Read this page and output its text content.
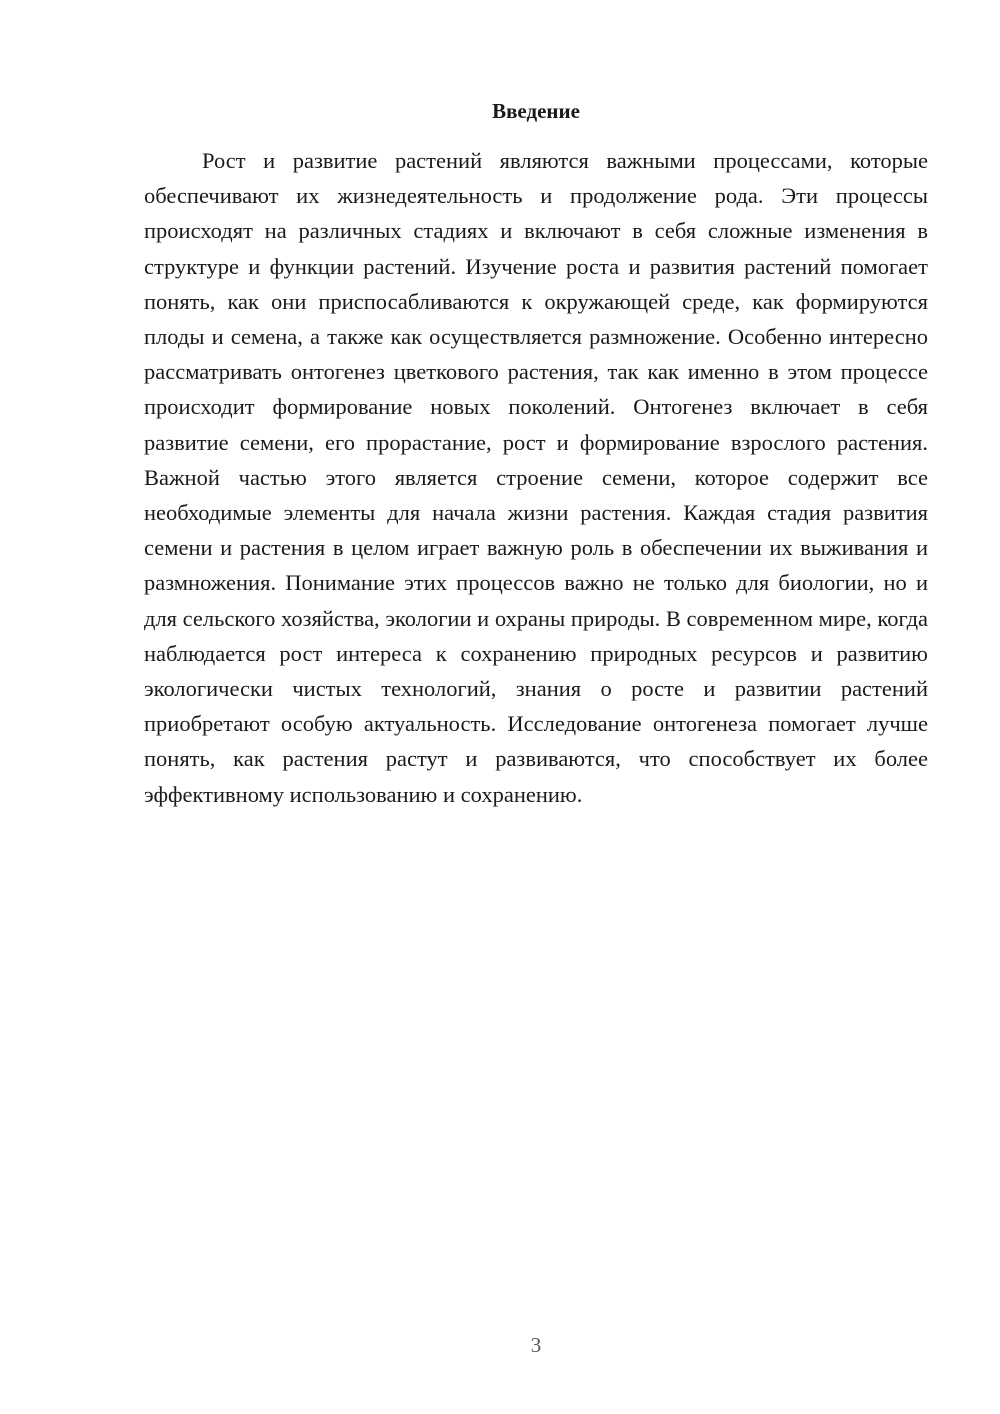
Введение

Рост и развитие растений являются важными процессами, которые обеспечивают их жизнедеятельность и продолжение рода. Эти процессы происходят на различных стадиях и включают в себя сложные изменения в структуре и функции растений. Изучение роста и развития растений помогает понять, как они приспосабливаются к окружающей среде, как формируются плоды и семена, а также как осуществляется размножение. Особенно интересно рассматривать онтогенез цветкового растения, так как именно в этом процессе происходит формирование новых поколений. Онтогенез включает в себя развитие семени, его прорастание, рост и формирование взрослого растения. Важной частью этого является строение семени, которое содержит все необходимые элементы для начала жизни растения. Каждая стадия развития семени и растения в целом играет важную роль в обеспечении их выживания и размножения. Понимание этих процессов важно не только для биологии, но и для сельского хозяйства, экологии и охраны природы. В современном мире, когда наблюдается рост интереса к сохранению природных ресурсов и развитию экологически чистых технологий, знания о росте и развитии растений приобретают особую актуальность. Исследование онтогенеза помогает лучше понять, как растения растут и развиваются, что способствует их более эффективному использованию и сохранению.

3
